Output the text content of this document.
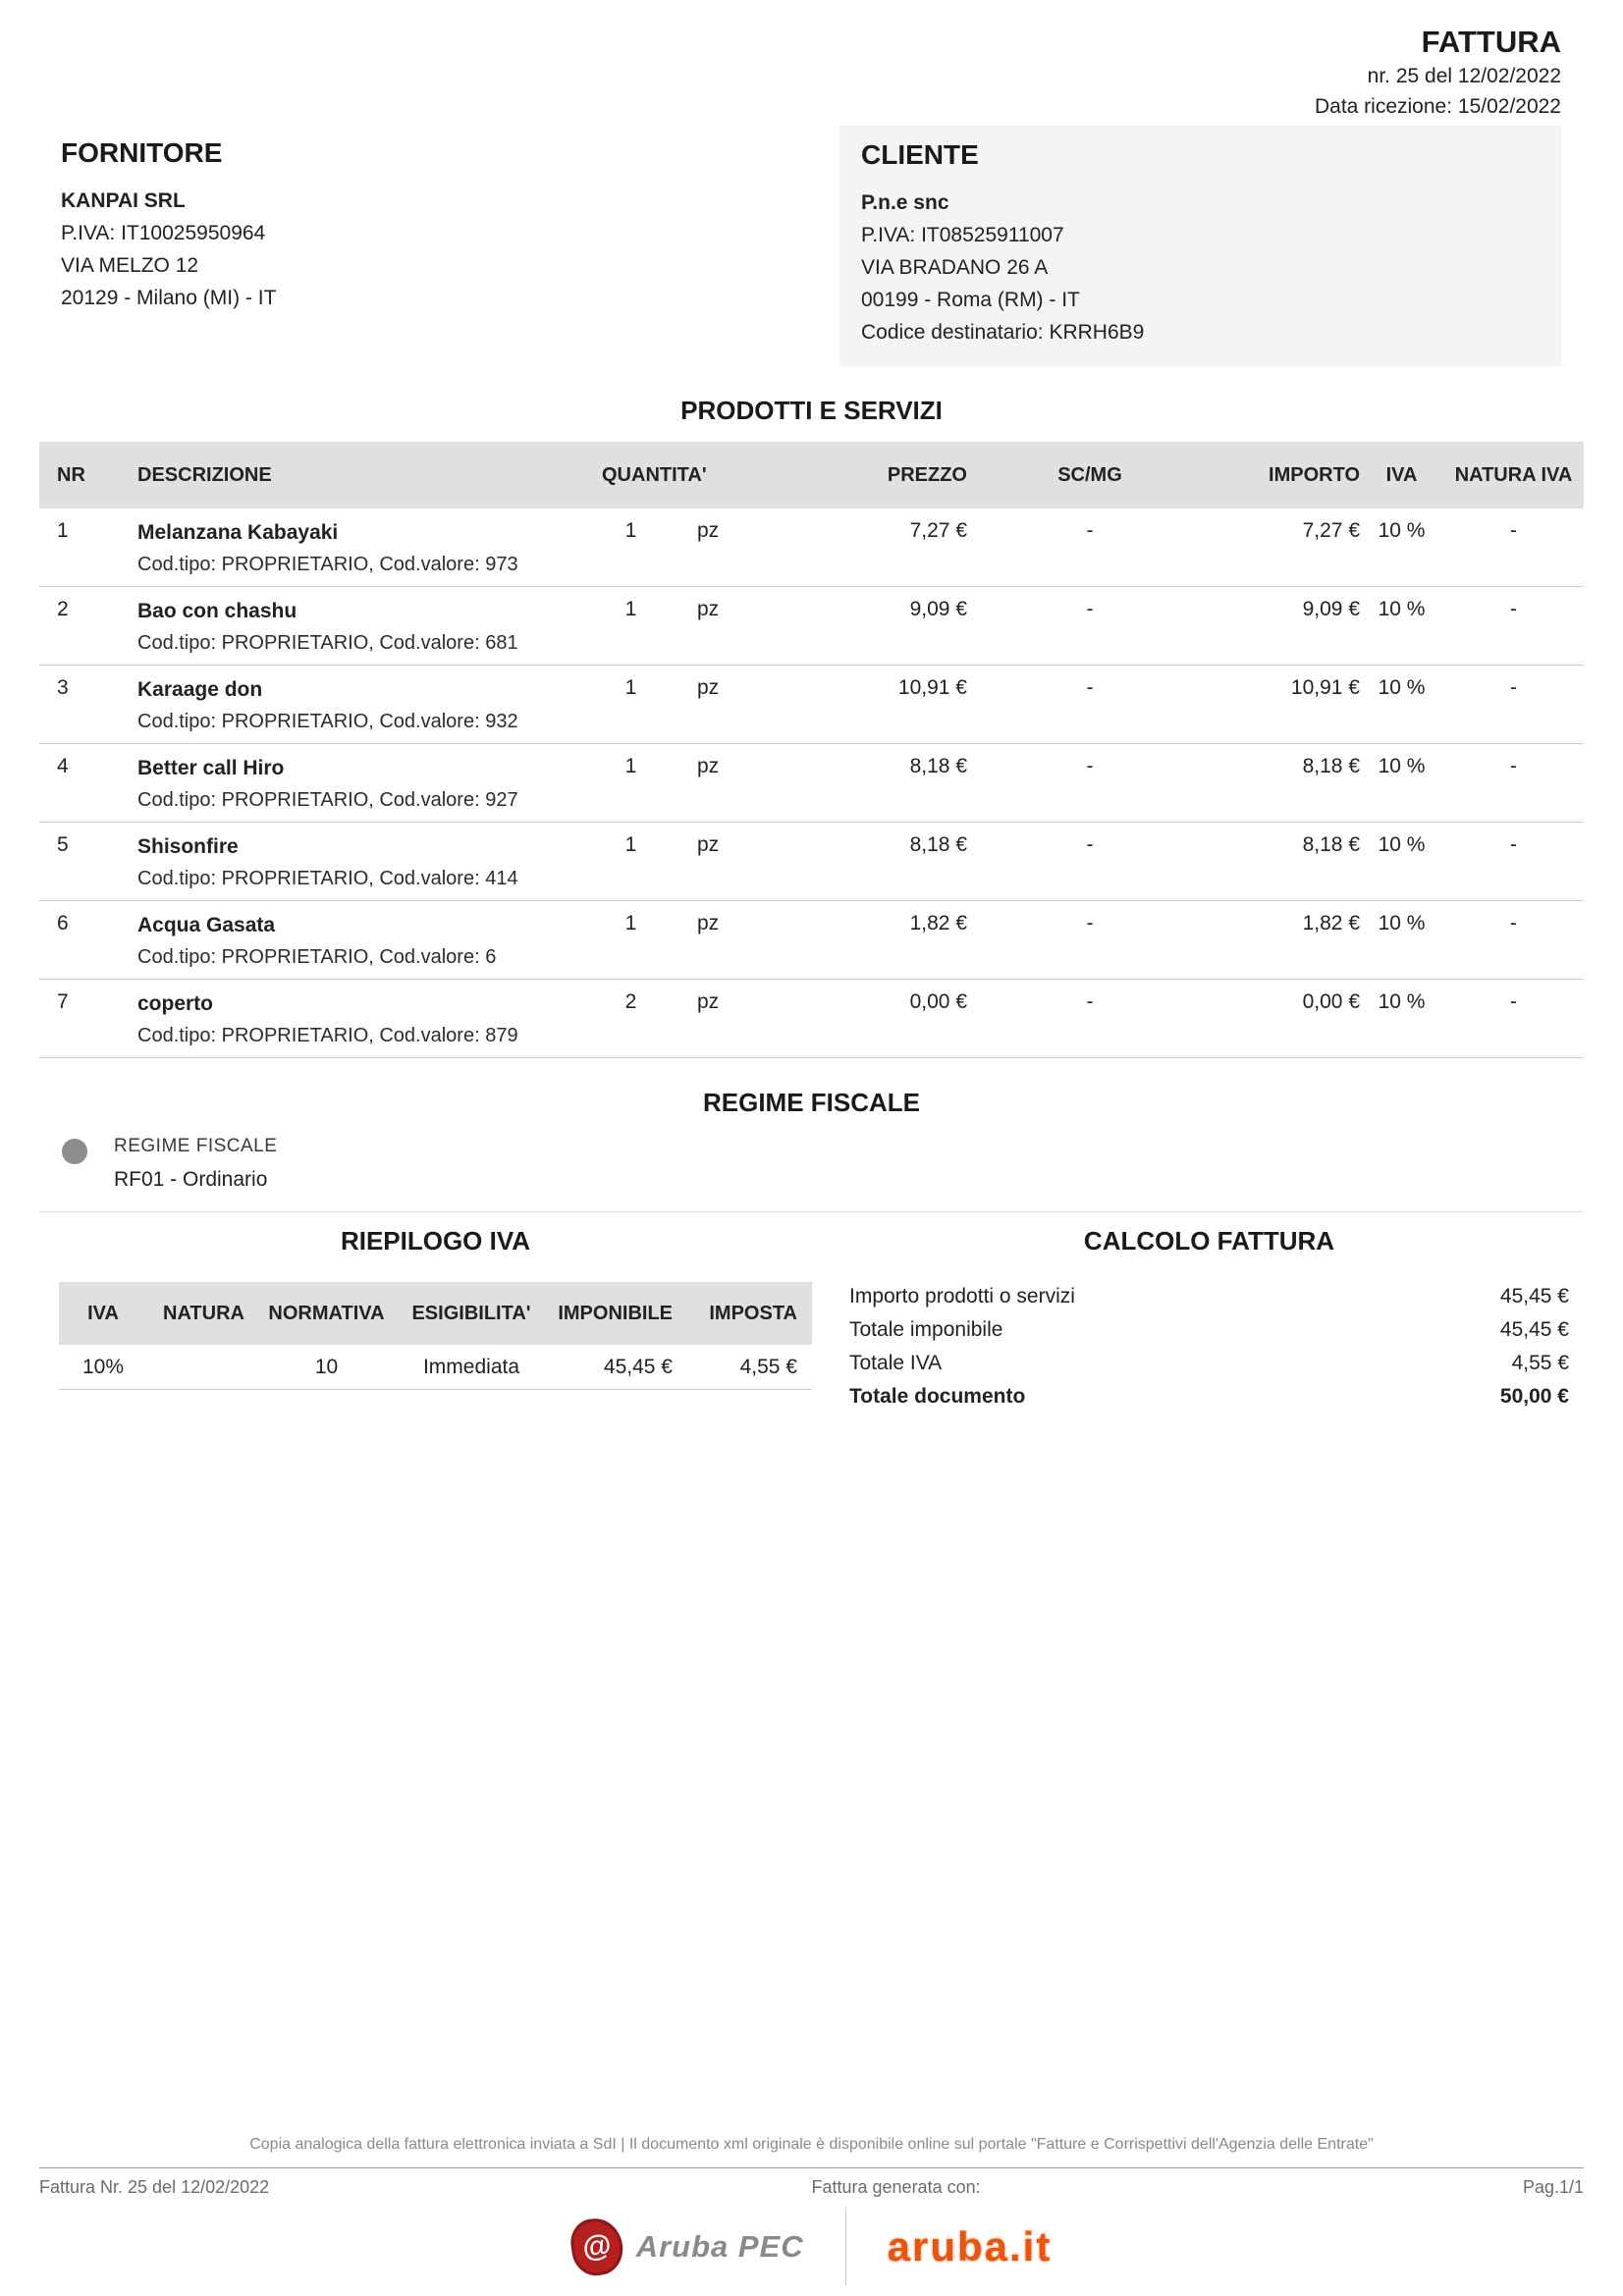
FATTURA
nr. 25 del 12/02/2022
Data ricezione: 15/02/2022
FORNITORE
KANPAI SRL
P.IVA: IT10025950964
VIA MELZO 12
20129 - Milano (MI) - IT
CLIENTE
P.n.e snc
P.IVA: IT08525911007
VIA BRADANO 26 A
00199 - Roma (RM) - IT
Codice destinatario: KRRH6B9
PRODOTTI E SERVIZI
NR	DESCRIZIONE	QUANTITA'		PREZZO	SC/MG	IMPORTO	IVA	NATURA IVA
1	Melanzana Kabayaki
Cod.tipo: PROPRIETARIO, Cod.valore: 973	1	pz	7,27 €	-	7,27 €	10 %	-
2	Bao con chashu
Cod.tipo: PROPRIETARIO, Cod.valore: 681	1	pz	9,09 €	-	9,09 €	10 %	-
3	Karaage don
Cod.tipo: PROPRIETARIO, Cod.valore: 932	1	pz	10,91 €	-	10,91 €	10 %	-
4	Better call Hiro
Cod.tipo: PROPRIETARIO, Cod.valore: 927	1	pz	8,18 €	-	8,18 €	10 %	-
5	Shisonfire
Cod.tipo: PROPRIETARIO, Cod.valore: 414	1	pz	8,18 €	-	8,18 €	10 %	-
6	Acqua Gasata
Cod.tipo: PROPRIETARIO, Cod.valore: 6	1	pz	1,82 €	-	1,82 €	10 %	-
7	coperto
Cod.tipo: PROPRIETARIO, Cod.valore: 879	2	pz	0,00 €	-	0,00 €	10 %	-
REGIME FISCALE
REGIME FISCALE
RF01 - Ordinario
RIEPILOGO IVA
IVA	NATURA	NORMATIVA	ESIGIBILITA'	IMPONIBILE	IMPOSTA
10%		10	Immediata	45,45 €	4,55 €
CALCOLO FATTURA
Importo prodotti o servizi	45,45 €
Totale imponibile	45,45 €
Totale IVA	4,55 €
Totale documento	50,00 €
Copia analogica della fattura elettronica inviata a SdI | Il documento xml originale è disponibile online sul portale "Fatture e Corrispettivi dell'Agenzia delle Entrate"
Fattura Nr. 25 del 12/02/2022	Fattura generata con:	Pag.1/1
@ Aruba PEC aruba.it
